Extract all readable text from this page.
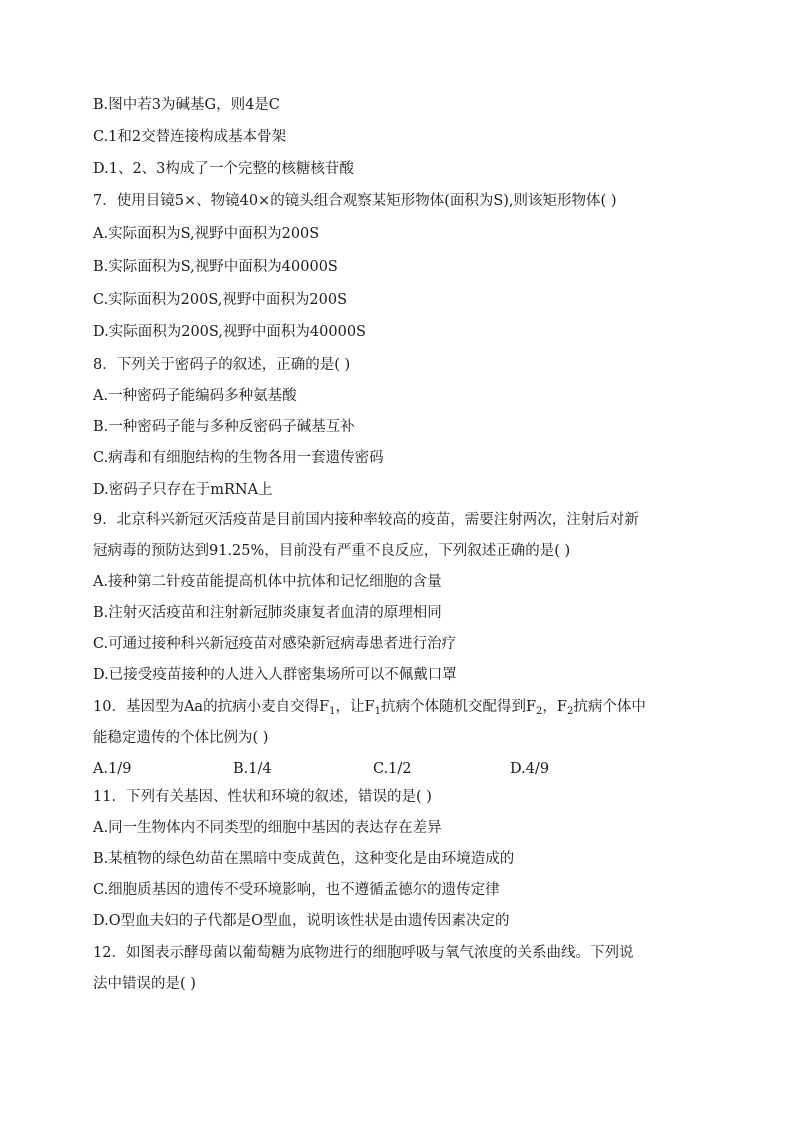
B.图中若3为碱基G，则4是C
C.1和2交替连接构成基本骨架
D.1、2、3构成了一个完整的核糖核苷酸
7．使用目镜5×、物镜40×的镜头组合观察某矩形物体(面积为S),则该矩形物体( )
A.实际面积为S,视野中面积为200S
B.实际面积为S,视野中面积为40000S
C.实际面积为200S,视野中面积为200S
D.实际面积为200S,视野中面积为40000S
8．下列关于密码子的叙述，正确的是( )
A.一种密码子能编码多种氨基酸
B.一种密码子能与多种反密码子碱基互补
C.病毒和有细胞结构的生物各用一套遗传密码
D.密码子只存在于mRNA上
9．北京科兴新冠灭活疫苗是目前国内接种率较高的疫苗，需要注射两次，注射后对新
冠病毒的预防达到91.25%，目前没有严重不良反应，下列叙述正确的是( )
A.接种第二针疫苗能提高机体中抗体和记忆细胞的含量
B.注射灭活疫苗和注射新冠肺炎康复者血清的原理相同
C.可通过接种科兴新冠疫苗对感染新冠病毒患者进行治疗
D.已接受疫苗接种的人进入人群密集场所可以不佩戴口罩
10．基因型为Aa的抗病小麦自交得$F_1$，让$F_1$抗病个体随机交配得到$F_2$，$F_2$抗病个体中
能稳定遗传的个体比例为( )
A.1/9	B.1/4	C.1/2	D.4/9
11．下列有关基因、性状和环境的叙述，错误的是( )
A.同一生物体内不同类型的细胞中基因的表达存在差异
B.某植物的绿色幼苗在黑暗中变成黄色，这种变化是由环境造成的
C.细胞质基因的遗传不受环境影响，也不遵循孟德尔的遗传定律
D.O型血夫妇的子代都是O型血，说明该性状是由遗传因素决定的
12．如图表示酵母菌以葡萄糖为底物进行的细胞呼吸与氧气浓度的关系曲线。下列说
法中错误的是( )
